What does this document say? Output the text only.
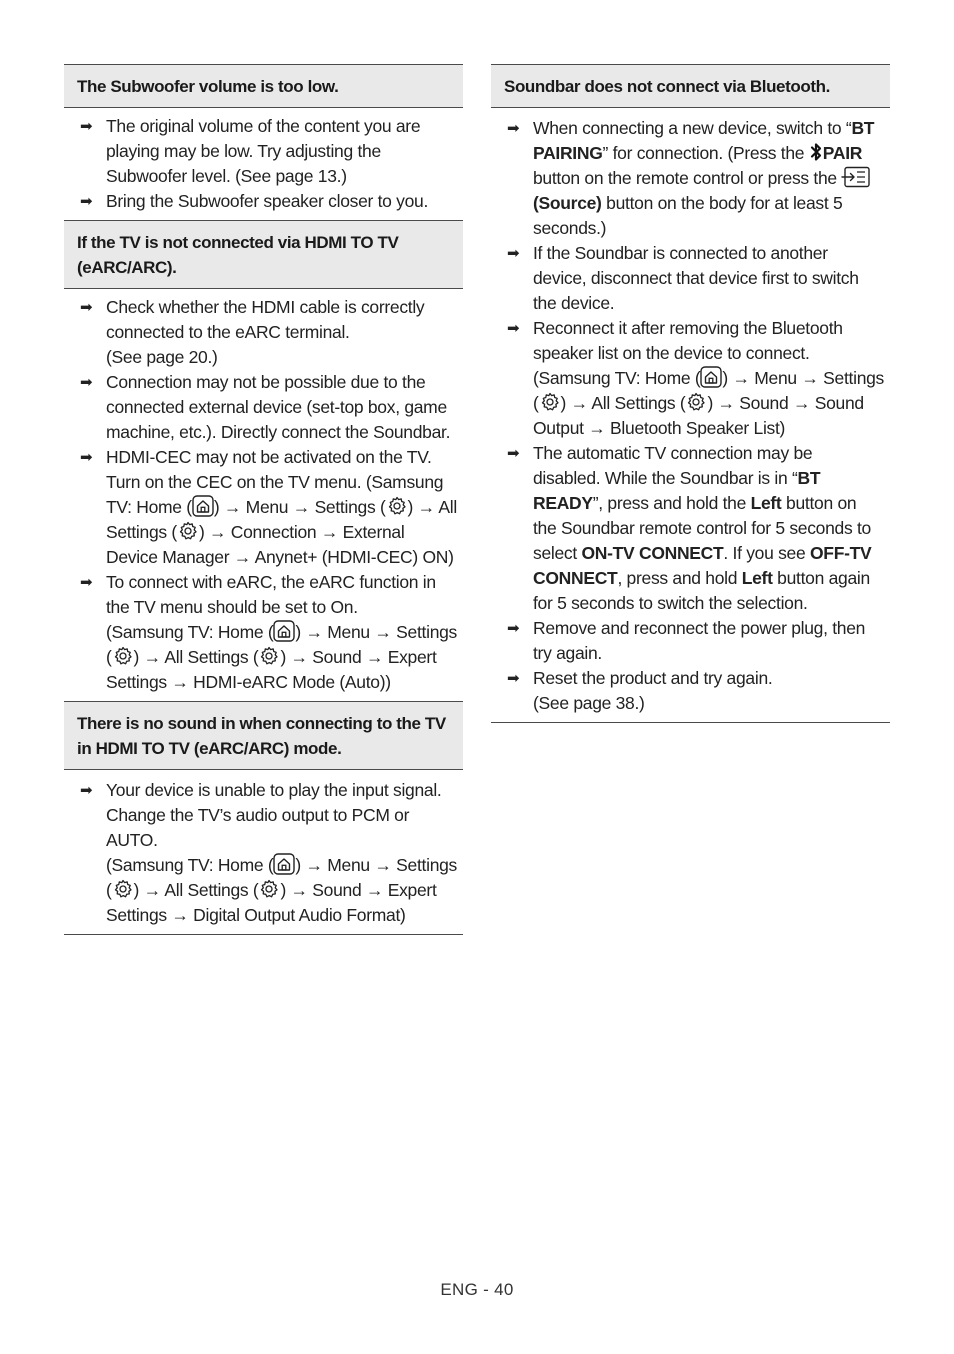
The Subwoofer volume is too low.
➡ The original volume of the content you are playing may be low. Try adjusting the Subwoofer level. (See page 13.)
➡ Bring the Subwoofer speaker closer to you.
If the TV is not connected via HDMI TO TV (eARC/ARC).
➡ Check whether the HDMI cable is correctly connected to the eARC terminal.
(See page 20.)
➡ Connection may not be possible due to the connected external device (set-top box, game machine, etc.). Directly connect the Soundbar.
➡ HDMI-CEC may not be activated on the TV. Turn on the CEC on the TV menu. (Samsung TV: Home ( ) → Menu → Settings ( ) → All Settings ( ) → Connection → External Device Manager → Anynet+ (HDMI-CEC) ON)
➡ To connect with eARC, the eARC function in the TV menu should be set to On.
(Samsung TV: Home ( ) → Menu → Settings ( ) → All Settings ( ) → Sound → Expert Settings → HDMI-eARC Mode (Auto))
There is no sound in when connecting to the TV in HDMI TO TV (eARC/ARC) mode.
➡ Your device is unable to play the input signal. Change the TV’s audio output to PCM or AUTO.
(Samsung TV: Home ( ) → Menu → Settings ( ) → All Settings ( ) → Sound → Expert Settings → Digital Output Audio Format)
Soundbar does not connect via Bluetooth.
➡ When connecting a new device, switch to “BT PAIRING” for connection. (Press the PAIR button on the remote control or press the  (Source) button on the body for at least 5 seconds.)
➡ If the Soundbar is connected to another device, disconnect that device first to switch the device.
➡ Reconnect it after removing the Bluetooth speaker list on the device to connect.
(Samsung TV: Home ( ) → Menu → Settings ( ) → All Settings ( ) → Sound → Sound Output → Bluetooth Speaker List)
➡ The automatic TV connection may be disabled. While the Soundbar is in “BT READY”, press and hold the Left button on the Soundbar remote control for 5 seconds to select ON-TV CONNECT. If you see OFF-TV CONNECT, press and hold Left button again for 5 seconds to switch the selection.
➡ Remove and reconnect the power plug, then try again.
➡ Reset the product and try again.
(See page 38.)
ENG - 40
